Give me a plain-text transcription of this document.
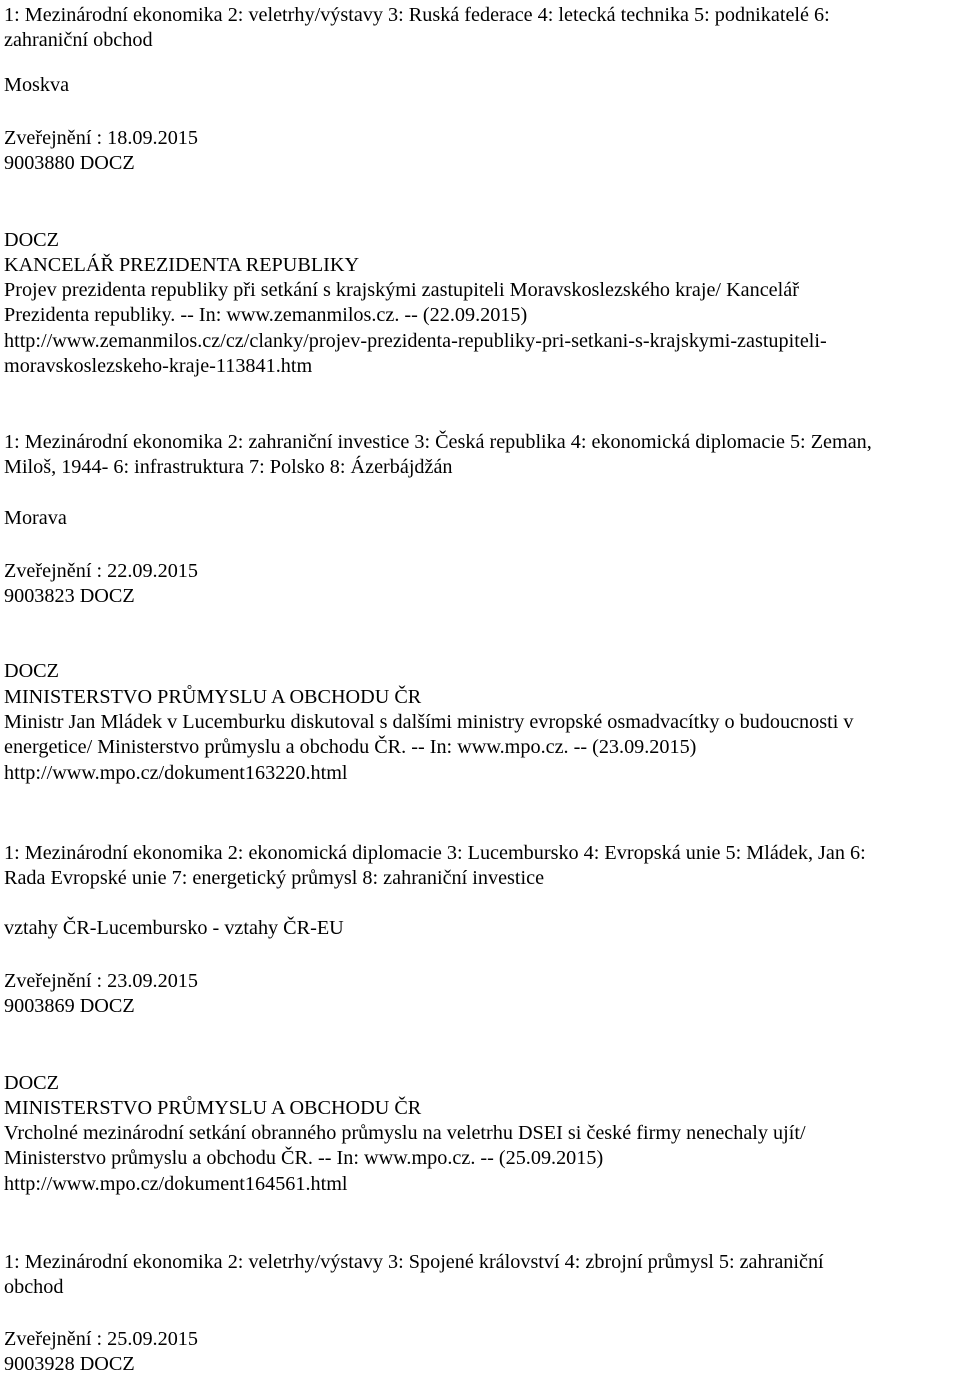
1: Mezinárodní ekonomika 2: veletrhy/výstavy 3: Ruská federace 4: letecká technika 5: podnikatelé 6:
zahraniční obchod
Moskva
Zveřejnění : 18.09.2015
9003880 DOCZ
DOCZ
KANCELÁŘ PREZIDENTA REPUBLIKY
Projev prezidenta republiky při setkání s krajskými zastupiteli Moravskoslezského kraje/ Kancelář
Prezidenta republiky. -- In: www.zemanmilos.cz. -- (22.09.2015)
http://www.zemanmilos.cz/cz/clanky/projev-prezidenta-republiky-pri-setkani-s-krajskymi-zastupiteli-
moravskoslezskeho-kraje-113841.htm
1: Mezinárodní ekonomika 2: zahraniční investice 3: Česká republika 4: ekonomická diplomacie 5: Zeman,
Miloš, 1944- 6: infrastruktura 7: Polsko 8: Ázerbájdžán
Morava
Zveřejnění : 22.09.2015
9003823 DOCZ
DOCZ
MINISTERSTVO PRŮMYSLU A OBCHODU ČR
Ministr Jan Mládek v Lucemburku diskutoval s dalšími ministry evropské osmadvacítky o budoucnosti v
energetice/ Ministerstvo průmyslu a obchodu ČR. -- In: www.mpo.cz. -- (23.09.2015)
http://www.mpo.cz/dokument163220.html
1: Mezinárodní ekonomika 2: ekonomická diplomacie 3: Lucembursko 4: Evropská unie 5: Mládek, Jan 6:
Rada Evropské unie 7: energetický průmysl 8: zahraniční investice
vztahy ČR-Lucembursko - vztahy ČR-EU
Zveřejnění : 23.09.2015
9003869 DOCZ
DOCZ
MINISTERSTVO PRŮMYSLU A OBCHODU ČR
Vrcholné mezinárodní setkání obranného průmyslu na veletrhu DSEI si české firmy nenechaly ujít/
Ministerstvo průmyslu a obchodu ČR. -- In: www.mpo.cz. -- (25.09.2015)
http://www.mpo.cz/dokument164561.html
1: Mezinárodní ekonomika 2: veletrhy/výstavy 3: Spojené království 4: zbrojní průmysl 5: zahraniční
obchod
Zveřejnění : 25.09.2015
9003928 DOCZ
